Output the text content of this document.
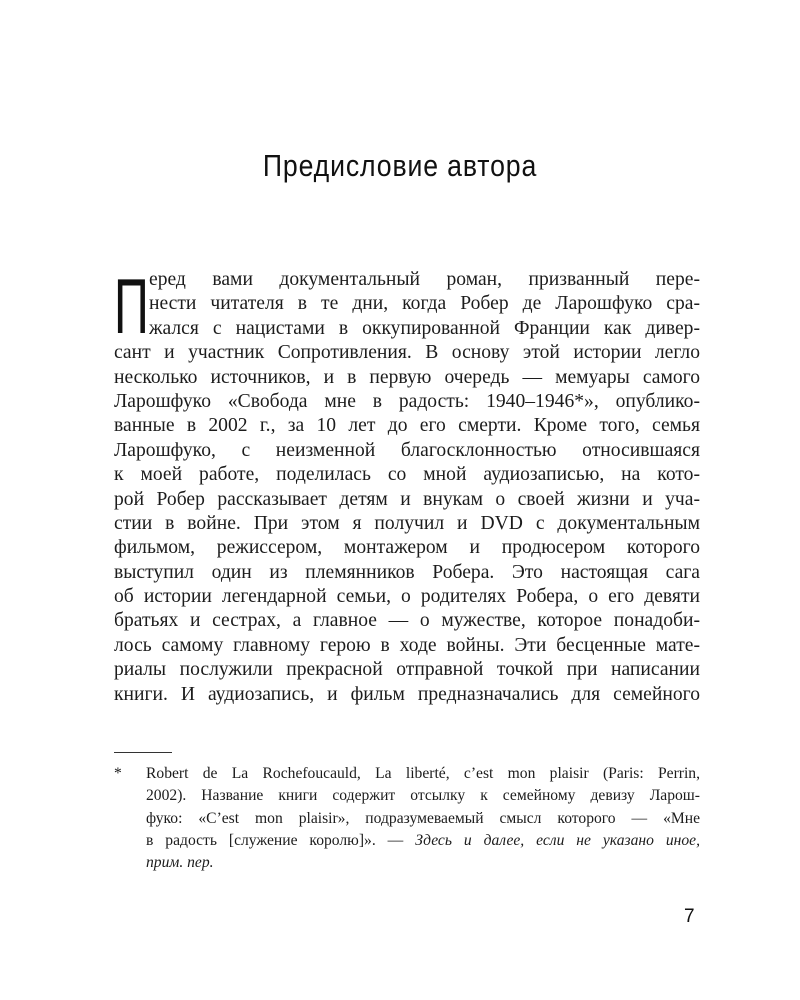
Предисловие автора
П еред вами документальный роман, призванный пере-
нести читателя в те дни, когда Робер де Ларошфуко сра-
жался с нацистами в оккупированной Франции как дивер-
сант и участник Сопротивления. В основу этой истории легло
несколько источников, и в первую очередь — мемуары самого
Ларошфуко «Свобода мне в радость: 1940–1946*», опублико-
ванные в 2002 г., за 10 лет до его смерти. Кроме того, семья
Ларошфуко, с неизменной благосклонностью относившаяся
к моей работе, поделилась со мной аудиозаписью, на кото-
рой Робер рассказывает детям и внукам о своей жизни и уча-
стии в войне. При этом я получил и DVD с документальным
фильмом, режиссером, монтажером и продюсером которого
выступил один из племянников Робера. Это настоящая сага
об истории легендарной семьи, о родителях Робера, о его девяти
братьях и сестрах, а главное — о мужестве, которое понадоби-
лось самому главному герою в ходе войны. Эти бесценные мате-
риалы послужили прекрасной отправной точкой при написании
книги. И аудиозапись, и фильм предназначались для семейного
* Robert de La Rochefoucauld, La liberté, c’est mon plaisir (Paris: Perrin,
2002). Название книги содержит отсылку к семейному девизу Ларош-
фуко: «C’est mon plaisir», подразумеваемый смысл которого — «Мне
в радость [служение королю]». — Здесь и далее, если не указано иное,
прим. пер.
7
